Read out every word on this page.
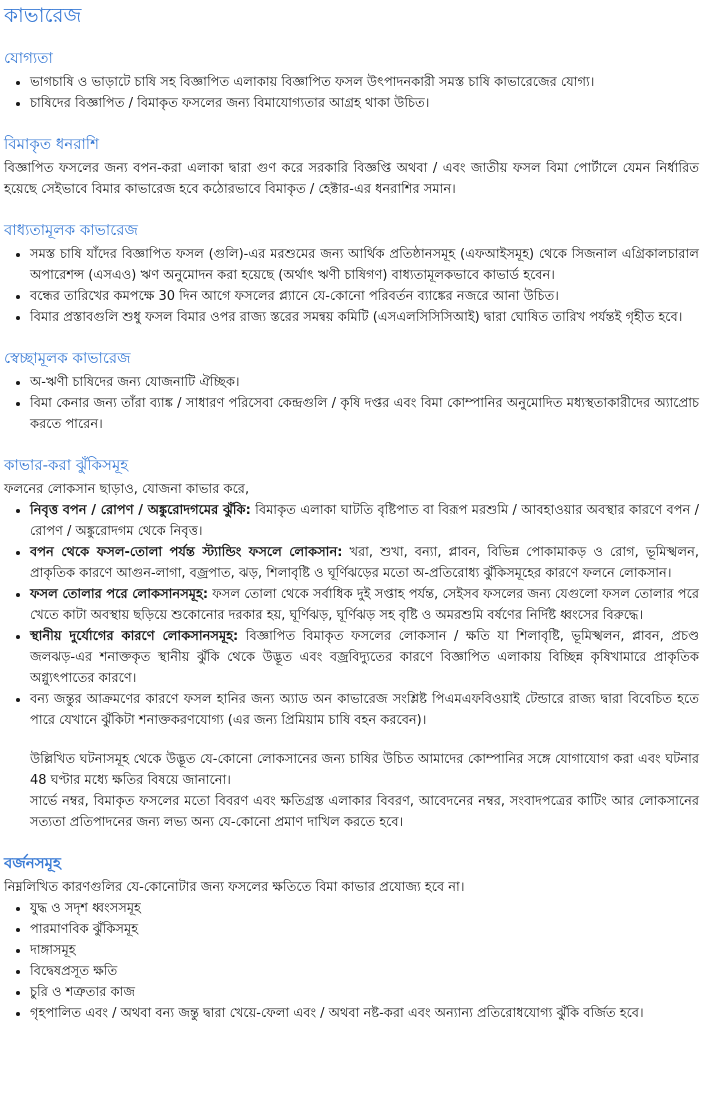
কাভারেজ
যোগ্যতা
• ভাগচাষি ও ভাড়াটে চাষি সহ বিজ্ঞাপিত এলাকায় বিজ্ঞাপিত ফসল উৎপাদনকারী সমস্ত চাষি কাভারেজের যোগ্য।
• চাষিদের বিজ্ঞাপিত / বিমাকৃত ফসলের জন্য বিমাযোগ্যতার আগ্রহ থাকা উচিত।
বিমাকৃত ধনরাশি

বিজ্ঞাপিত ফসলের জন্য বপন-করা এলাকা দ্বারা গুণ করে সরকারি বিজ্ঞপ্তি অথবা / এবং জাতীয় ফসল বিমা পোর্টালে যেমন নির্ধারিত হয়েছে সেইভাবে বিমার কাভারেজ হবে কঠোরভাবে বিমাকৃত / হেক্টার-এর ধনরাশির সমান।

বাধ্যতামূলক কাভারেজ
• সমস্ত চাষি যাঁদের বিজ্ঞাপিত ফসল (গুলি)-এর মরশুমের জন্য আর্থিক প্রতিষ্ঠানসমূহ (এফআইসমূহ) থেকে সিজনাল এগ্রিকালচারাল অপারেশন্স (এসএও) ঋণ অনুমোদন করা হয়েছে (অর্থাৎ ঋণী চাষিগণ) বাধ্যতামূলকভাবে কাভার্ড হবেন।
• বন্ধের তারিখের কমপক্ষে 30 দিন আগে ফসলের প্ল্যানে যে-কোনো পরিবর্তন ব্যাঙ্কের নজরে আনা উচিত।
• বিমার প্রস্তাবগুলি শুধু ফসল বিমার ওপর রাজ্য স্তরের সমন্বয় কমিটি (এসএলসিসিসিআই) দ্বারা ঘোষিত তারিখ পর্যন্তই গৃহীত হবে।
স্বেচ্ছামূলক কাভারেজ
• অ-ঋণী চাষিদের জন্য যোজনাটি ঐচ্ছিক।
• বিমা কেনার জন্য তাঁরা ব্যাঙ্ক / সাধারণ পরিসেবা কেন্দ্রগুলি / কৃষি দপ্তর এবং বিমা কোম্পানির অনুমোদিত মধ্যস্থতাকারীদের অ্যাপ্রোচ করতে পারেন।
কাভার-করা ঝুঁকিসমূহ

ফলনের লোকসান ছাড়াও, যোজনা কাভার করে,

• নিবৃত্ত বপন / রোপণ / অঙ্কুরোদগমের ঝুঁকি: বিমাকৃত এলাকা ঘাটতি বৃষ্টিপাত বা বিরূপ মরশুমি / আবহাওয়ার অবস্থার কারণে বপন / রোপণ / অঙ্কুরোদগম থেকে নিবৃত্ত।
• বপন থেকে ফসল-তোলা পর্যন্ত স্ট্যান্ডিং ফসলে লোকসান: খরা, শুখা, বন্যা, প্লাবন, বিভিন্ন পোকামাকড় ও রোগ, ভূমিস্খলন, প্রাকৃতিক কারণে আগুন-লাগা, বজ্রপাত, ঝড়, শিলাবৃষ্টি ও ঘূর্ণিঝড়ের মতো অ-প্রতিরোধ্য ঝুঁকিসমূহের কারণে ফলনে লোকসান।
• ফসল তোলার পরে লোকসানসমূহ: ফসল তোলা থেকে সর্বাধিক দুই সপ্তাহ পর্যন্ত, সেইসব ফসলের জন্য যেগুলো ফসল তোলার পরে খেতে কাটা অবস্থায় ছড়িয়ে শুকোনোর দরকার হয়, ঘূর্ণিঝড়, ঘূর্ণিঝড় সহ বৃষ্টি ও অমরশুমি বর্ষণের নির্দিষ্ট ধ্বংসের বিরুদ্ধে।
• স্থানীয় দুর্যোগের কারণে লোকসানসমূহ: বিজ্ঞাপিত বিমাকৃত ফসলের লোকসান / ক্ষতি যা শিলাবৃষ্টি, ভূমিস্খলন, প্লাবন, প্রচণ্ড জলঝড়-এর শনাক্তকৃত স্থানীয় ঝুঁকি থেকে উদ্ভূত এবং বজ্রবিদ্যুতের কারণে বিজ্ঞাপিত এলাকায় বিচ্ছিন্ন কৃষিখামারে প্রাকৃতিক অগ্ন্যুৎপাতের কারণে।
• বন্য জন্তুর আক্রমণের কারণে ফসল হানির জন্য অ্যাড অন কাভারেজ সংশ্লিষ্ট পিএমএফবিওয়াই টেন্ডারে রাজ্য দ্বারা বিবেচিত হতে পারে যেখানে ঝুঁকিটা শনাক্তকরণযোগ্য (এর জন্য প্রিমিয়াম চাষি বহন করবেন)।

উল্লিখিত ঘটনাসমূহ থেকে উদ্ভূত যে-কোনো লোকসানের জন্য চাষির উচিত আমাদের কোম্পানির সঙ্গে যোগাযোগ করা এবং ঘটনার 48 ঘণ্টার মধ্যে ক্ষতির বিষয়ে জানানো।

সার্ভে নম্বর, বিমাকৃত ফসলের মতো বিবরণ এবং ক্ষতিগ্রস্ত এলাকার বিবরণ, আবেদনের নম্বর, সংবাদপত্রের কাটিং আর লোকসানের সত্যতা প্রতিপাদনের জন্য লভ্য অন্য যে-কোনো প্রমাণ দাখিল করতে হবে।

বর্জনসমূহ

নিম্নলিখিত কারণগুলির যে-কোনোটার জন্য ফসলের ক্ষতিতে বিমা কাভার প্রযোজ্য হবে না।

• যুদ্ধ ও সদৃশ ধ্বংসসমূহ
• পারমাণবিক ঝুঁকিসমূহ
• দাঙ্গাসমূহ
• বিদ্বেষপ্রসূত ক্ষতি
• চুরি ও শত্রুতার কাজ
• গৃহপালিত এবং / অথবা বন্য জন্তু দ্বারা খেয়ে-ফেলা এবং / অথবা নষ্ট-করা এবং অন্যান্য প্রতিরোধযোগ্য ঝুঁকি বর্জিত হবে।
